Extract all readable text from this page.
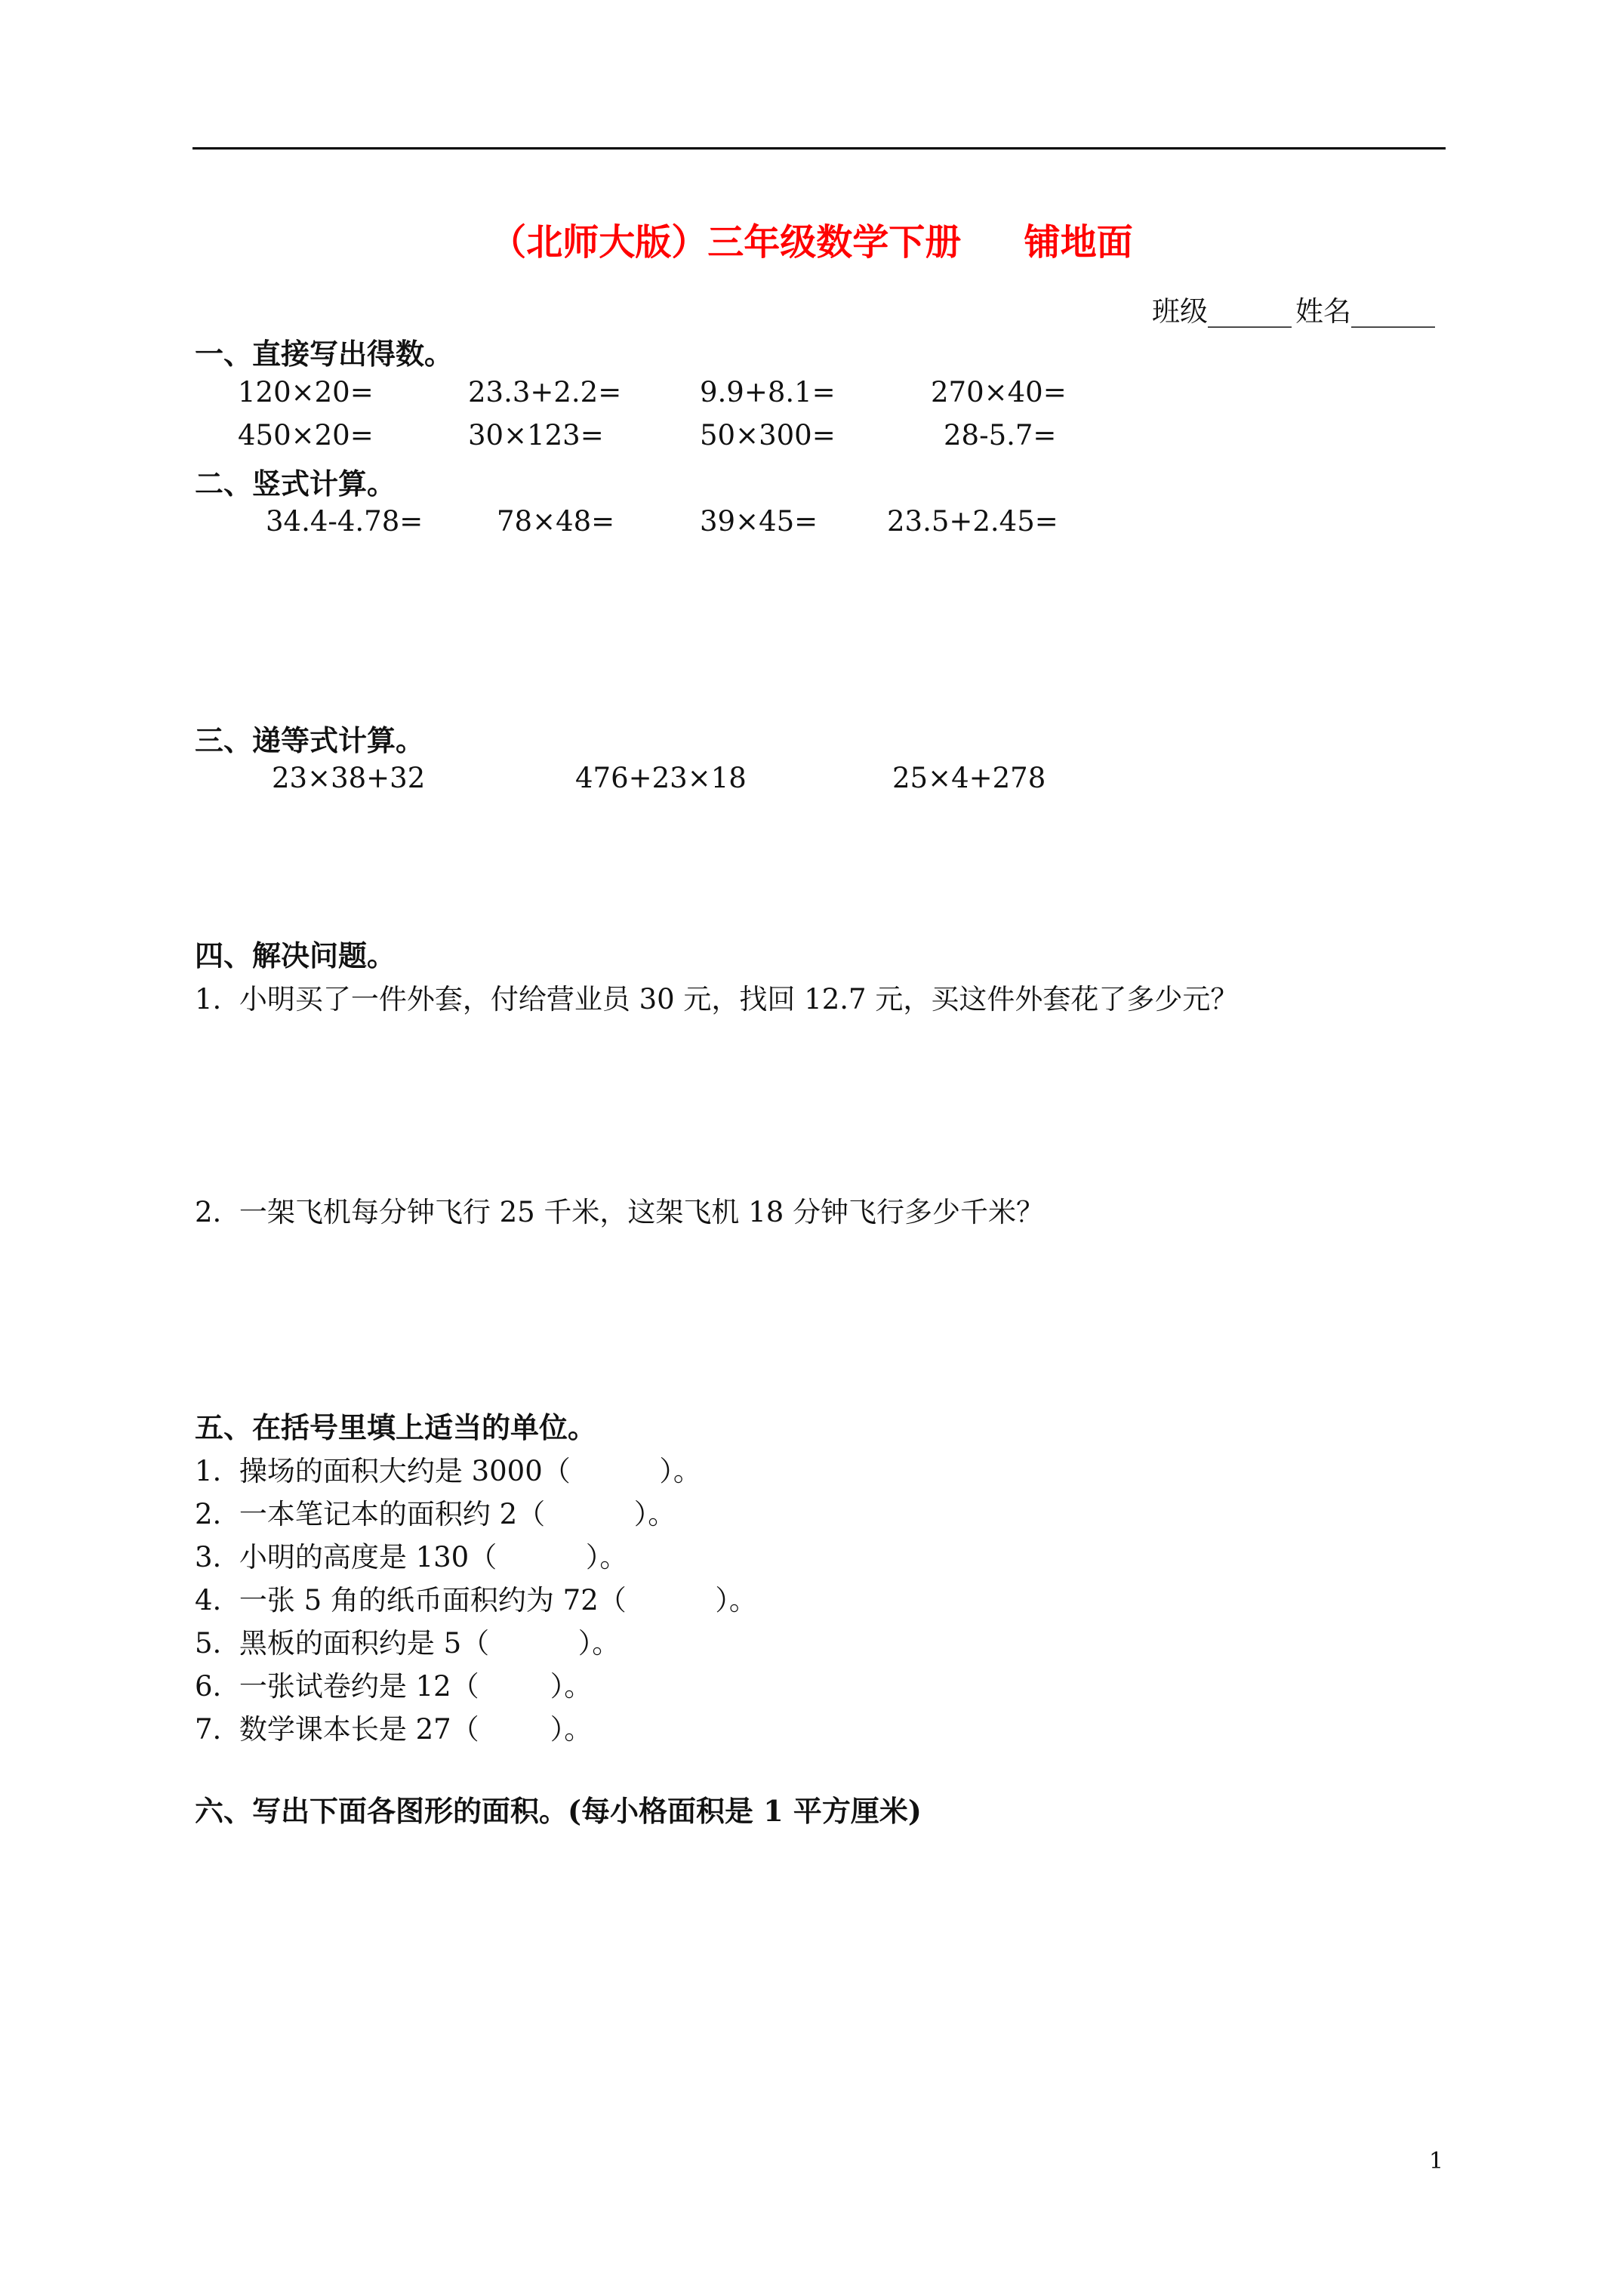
（北师大版）三年级数学下册     铺地面
班级______ 姓名______
一、直接写出得数。
120×20=	23.3+2.2=	9.9+8.1=	270×40=
450×20=	30×123=	50×300=	28-5.7=
二、竖式计算。
34.4-4.78=	78×48=	39×45= 23.5+2.45=
三、递等式计算。
23×38+32	476+23×18	25×4+278
四、解决问题。
1.  小明买了一件外套，付给营业员 30 元，找回 12.7 元，买这件外套花了多少元？
2.  一架飞机每分钟飞行 25 千米，这架飞机 18 分钟飞行多少千米？
五、在括号里填上适当的单位。
1.  操场的面积大约是 3000（          ）。
2.  一本笔记本的面积约 2（          ）。
3.  小明的高度是 130（          ）。
4.  一张 5 角的纸币面积约为 72（          ）。
5.  黑板的面积约是 5（          ）。
6.  一张试卷约是 12（        ）。
7.  数学课本长是 27（        ）。
六、写出下面各图形的面积。(每小格面积是 1 平方厘米)
1
